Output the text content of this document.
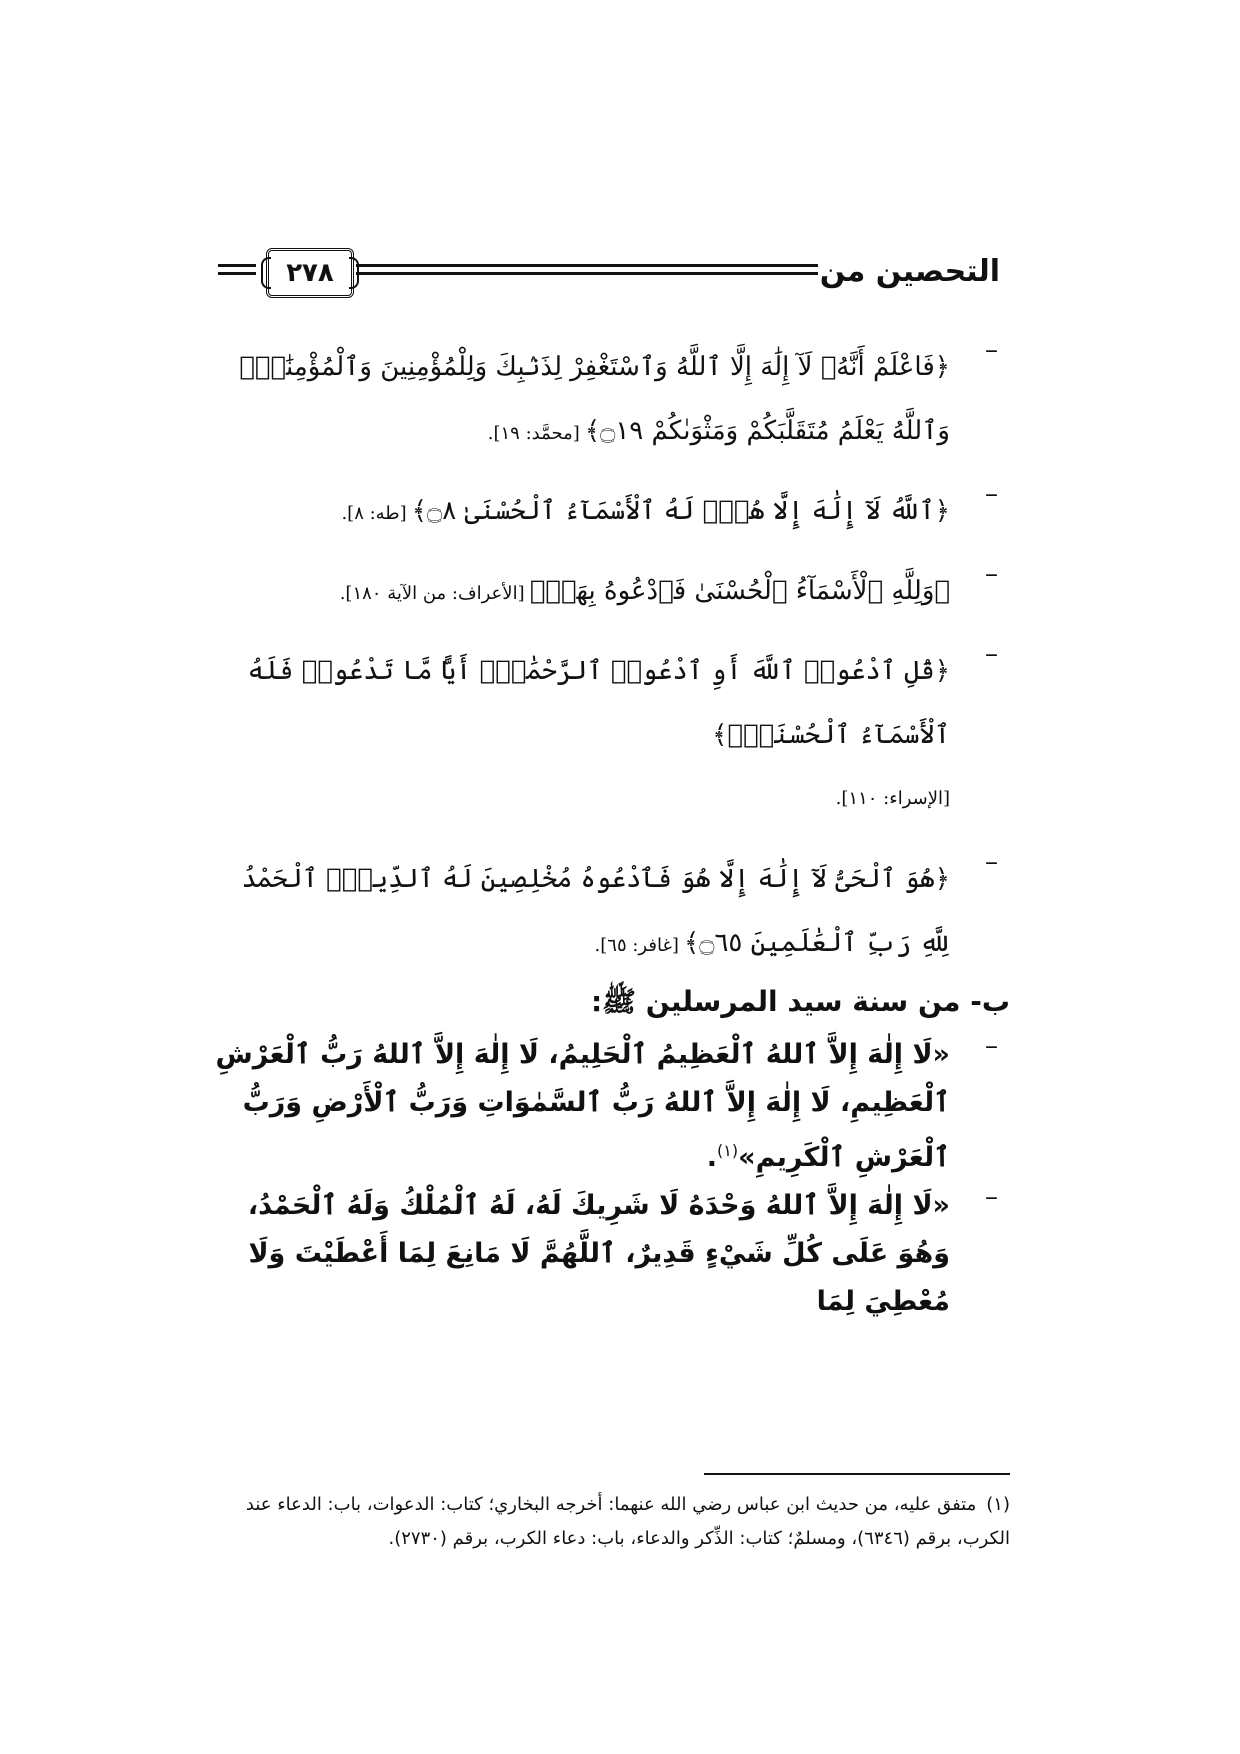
٢٧٨	التحصين من
–
﴿فَاعْلَمْ أَنَّهُۥ لَآ إِلَٰهَ إِلَّا ٱللَّهُ وَٱسْتَغْفِرْ لِذَنۢبِكَ وَلِلْمُؤْمِنِينَ وَٱلْمُؤْمِنَٰتِۗ وَٱللَّهُ يَعْلَمُ مُتَقَلَّبَكُمْ وَمَثْوَىٰكُمْ ۝١٩﴾ [محمَّد: ١٩].
–
﴿ٱللَّهُ لَآ إِلَٰهَ إِلَّا هُوَۖ لَهُ ٱلْأَسْمَآءُ ٱلْحُسْنَىٰ ۝٨﴾ [طه: ٨].
–
﴿وَلِلَّهِ ٱلْأَسْمَآءُ ٱلْحُسْنَىٰ فَٱدْعُوهُ بِهَاۖ﴾ [الأعراف: من الآية ١٨٠].
–
﴿قُلِ ٱدْعُوا۟ ٱللَّهَ أَوِ ٱدْعُوا۟ ٱلرَّحْمَٰنَۖ أَيًّا مَّا تَدْعُوا۟ فَلَهُ ٱلْأَسْمَآءُ ٱلْحُسْنَىٰۚ﴾
[الإسراء: ١١٠].
–
﴿هُوَ ٱلْحَىُّ لَآ إِلَٰهَ إِلَّا هُوَ فَٱدْعُوهُ مُخْلِصِينَ لَهُ ٱلدِّينَۗ ٱلْحَمْدُ لِلَّهِ رَبِّ ٱلْعَٰلَمِينَ ۝٦٥﴾ [غافر: ٦٥].
ب- من سنة سيد المرسلين ﷺ:
–
«لَا إِلٰهَ إِلاَّ ٱللهُ ٱلْعَظِيمُ ٱلْحَلِيمُ، لَا إِلٰهَ إِلاَّ ٱللهُ رَبُّ ٱلْعَرْشِ ٱلْعَظِيمِ، لَا إِلٰهَ إِلاَّ ٱللهُ رَبُّ ٱلسَّمٰوَاتِ وَرَبُّ ٱلْأَرْضِ وَرَبُّ ٱلْعَرْشِ ٱلْكَرِيمِ»$^{(١)}$.
–
«لَا إِلٰهَ إِلاَّ ٱللهُ وَحْدَهُ لَا شَرِيكَ لَهُ، لَهُ ٱلْمُلْكُ وَلَهُ ٱلْحَمْدُ، وَهُوَ عَلَى كُلِّ شَيْءٍ قَدِيرٌ، ٱللَّهُمَّ لَا مَانِعَ لِمَا أَعْطَيْتَ وَلَا مُعْطِيَ لِمَا
(١)متفق عليه، من حديث ابن عباس رضي الله عنهما: أخرجه البخاري؛ كتاب: الدعوات، باب: الدعاء عند الكرب، برقم (٦٣٤٦)، ومسلمٌ؛ كتاب: الذِّكر والدعاء، باب: دعاء الكرب، برقم (٢٧٣٠).
